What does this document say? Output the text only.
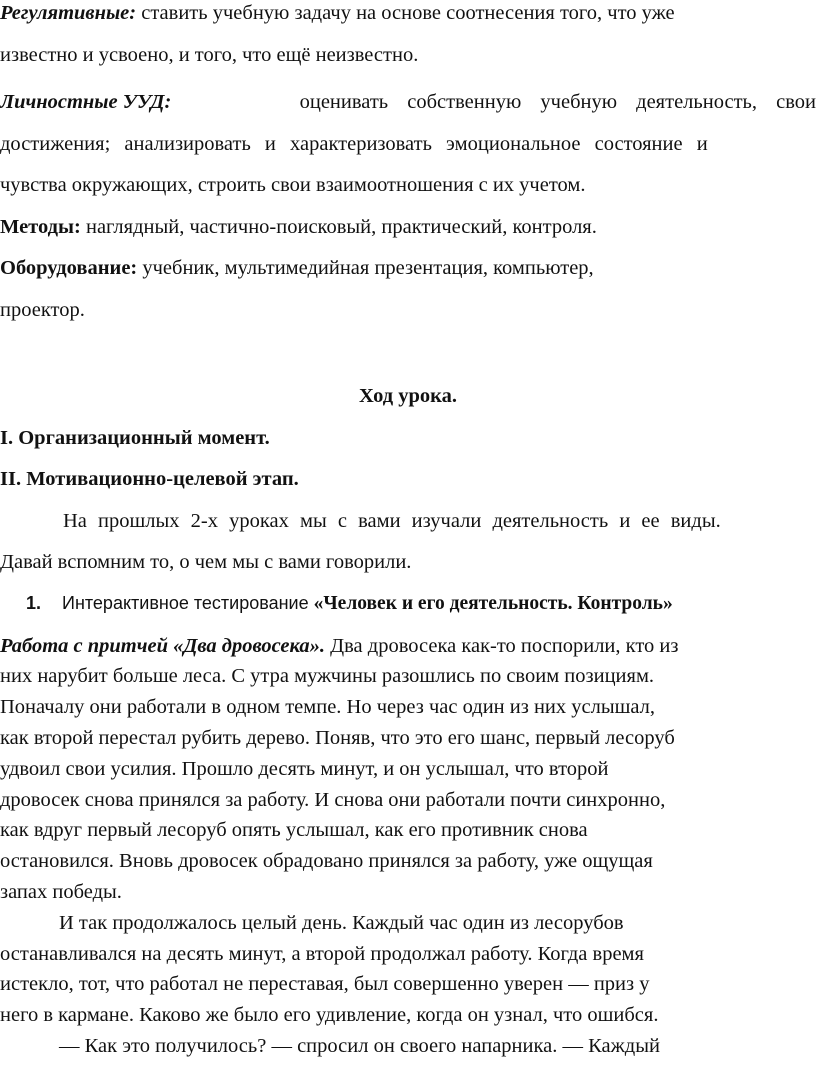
Регулятивные: ставить учебную задачу на основе соотнесения того, что уже
известно и усвоено, и того, что ещё неизвестно.
Личностные УУД:	оценивать собственную учебную деятельность, свои
достижения; анализировать и характеризовать эмоциональное состояние и
чувства окружающих, строить свои взаимоотношения с их учетом.
Методы: наглядный, частично-поисковый, практический, контроля.
Оборудование: учебник, мультимедийная презентация, компьютер,
проектор.
Ход урока.
I. Организационный момент.
II. Мотивационно-целевой этап.
На прошлых 2-х уроках мы с вами изучали деятельность и ее виды.
Давай вспомним то, о чем мы с вами говорили.
1. Интерактивное тестирование «Человек и его деятельность. Контроль»
Работа с притчей «Два дровосека». Два дровосека как-то поспорили, кто из
них нарубит больше леса. С утра мужчины разошлись по своим позициям.
Поначалу они работали в одном темпе. Но через час один из них услышал,
как второй перестал рубить дерево. Поняв, что это его шанс, первый лесоруб
удвоил свои усилия. Прошло десять минут, и он услышал, что второй
дровосек снова принялся за работу. И снова они работали почти синхронно,
как вдруг первый лесоруб опять услышал, как его противник снова
остановился. Вновь дровосек обрадовано принялся за работу, уже ощущая
запах победы.
И так продолжалось целый день. Каждый час один из лесорубов
останавливался на десять минут, а второй продолжал работу. Когда время
истекло, тот, что работал не переставая, был совершенно уверен — приз у
него в кармане. Каково же было его удивление, когда он узнал, что ошибся.
— Как это получилось? — спросил он своего напарника. — Каждый
